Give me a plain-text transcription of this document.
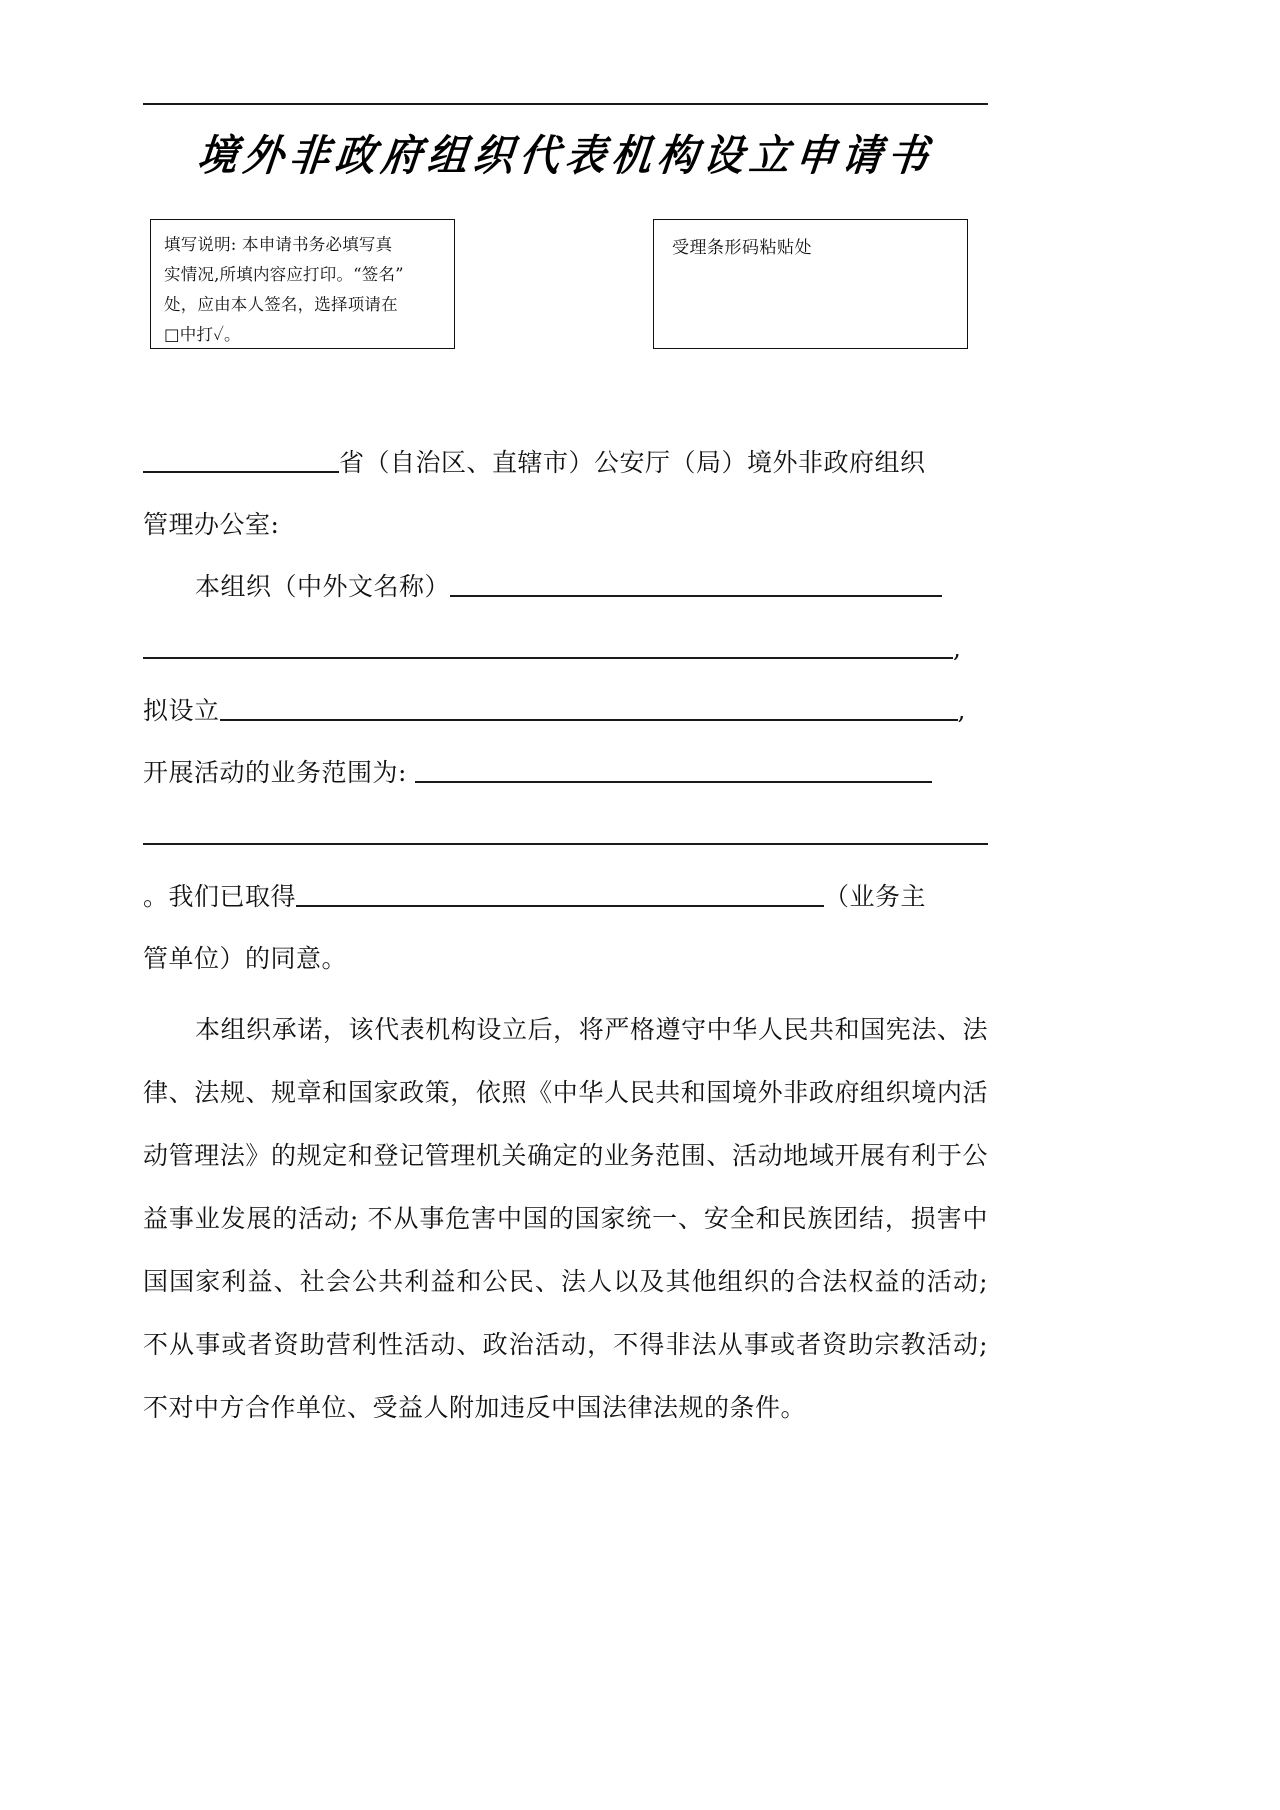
境外非政府组织代表机构设立申请书
填写说明: 本申请书务必填写真
实情况,所填内容应打印。“签名”
处，应由本人签名，选择项请在
□中打✓。
受理条形码粘贴处
省（自治区、直辖市）公安厅（局）境外非政府组织
管理办公室:
本组织（中外文名称）
,
拟设立	,
开展活动的业务范围为:
。我们已取得	（业务主
管单位）的同意。
本组织承诺，该代表机构设立后，将严格遵守中华人民共和国宪法、法律、法规、规章和国家政策，依照《中华人民共和国境外非政府组织境内活动管理法》的规定和登记管理机关确定的业务范围、活动地域开展有利于公益事业发展的活动; 不从事危害中国的国家统一、安全和民族团结，损害中国国家利益、社会公共利益和公民、法人以及其他组织的合法权益的活动; 不从事或者资助营利性活动、政治活动，不得非法从事或者资助宗教活动; 不对中方合作单位、受益人附加违反中国法律法规的条件。
